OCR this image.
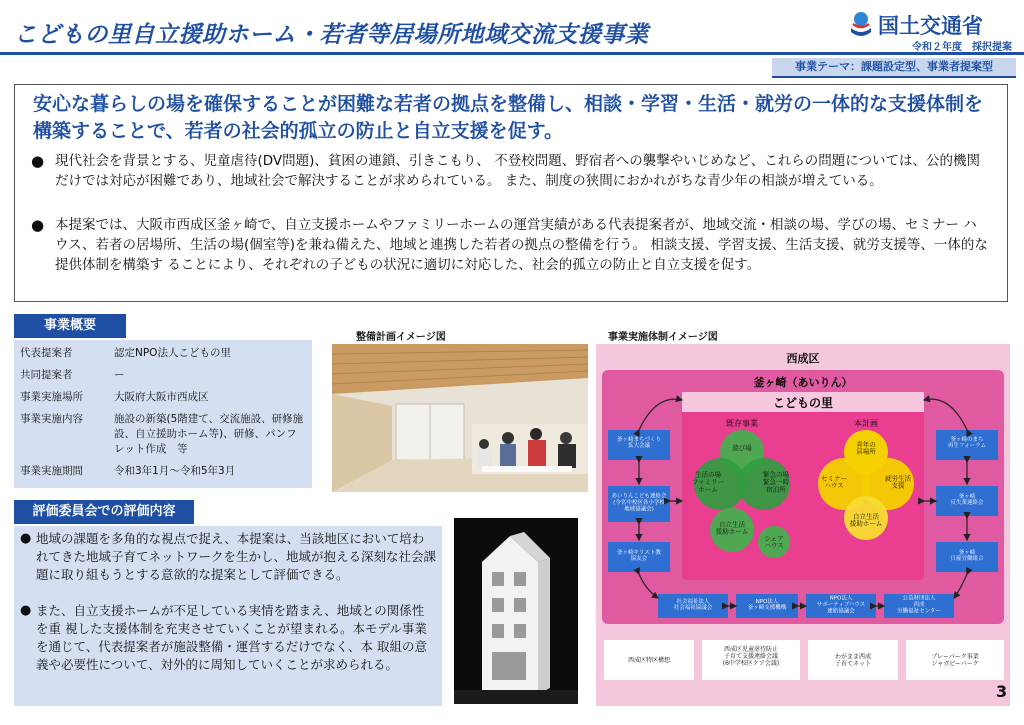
こどもの里自立援助ホーム・若者等居場所地域交流支援事業	国土交通省
令和２年度　採択提案
事業テーマ：課題設定型、事業者提案型
安心な暮らしの場を確保することが困難な若者の拠点を整備し、相談・学習・生活・就労の一体的な支援体制を構築することで、若者の社会的孤立の防止と自立支援を促す。
● 現代社会を背景とする、児童虐待(DV問題)、貧困の連鎖、引きこもり、 不登校問題、野宿者への襲撃やいじめなど、これらの問題については、公的機関だけでは対応が困難であり、地域社会で解決することが求められている。 また、制度の狭間におかれがちな青少年の相談が増えている。
● 本提案では、大阪市西成区釜ヶ崎で、自立支援ホームやファミリーホームの運営実績がある代表提案者が、地域交流・相談の場、学びの場、セミナー ハウス、若者の居場所、生活の場(個室等)を兼ね備えた、地域と連携した若者の拠点の整備を行う。 相談支援、学習支援、生活支援、就労支援等、一体的な提供体制を構築す ることにより、それぞれの子どもの状況に適切に対応した、社会的孤立の防止と自立支援を促す。
事業概要
代表提案者	認定NPO法人こどもの里
共同提案者	ー
事業実施場所	大阪府大阪市西成区
事業実施内容	施設の新築(5階建て、交流施設、研修施設、自立援助ホーム等)、研修、パンフレット作成　等
事業実施期間	令和3年1月～令和5年3月
評価委員会での評価内容
● 地域の課題を多角的な視点で捉え、本提案は、当該地区において培われてきた地域子育てネットワークを生かし、地域が抱える深刻な社会課題に取り組もうとする意欲的な提案として評価できる。
● また、自立支援ホームが不足している実情を踏まえ、地域との関係性を重 視した支援体制を充実させていくことが望まれる。本モデル事業を通じて、代表提案者が施設整備・運営するだけでなく、本 取組の意義や必要性について、対外的に周知していくことが求められる。
整備計画イメージ図	事業実施体制イメージ図
西成区
釜ヶ崎（あいりん）
こどもの里
既存事業	本計画
遊び場
生活の場ファミリーホーム
緊急の場緊急一時宿泊所
自立生活援助ホーム
シェアハウス
青年の居場所
セミナーハウス
就労生活支援
自立生活援助ホーム
釜ヶ崎まちづくり拡大会議
あいりんこども連絡会(今宮中校区各小学校地域協議会)
釜ヶ崎キリスト教協友会
釜ヶ崎のまち再生フォーラム
釜ヶ崎反失業連絡会
釜ヶ崎日雇労働組合
社会福祉法人社会福祉協議会
NPO法人釜ヶ崎支援機構
NPO法人サポーティブハウス連絡協議会
公益財団法人西成労働福祉センター
西成区特区構想
西成区児童虐待防止子育て支援連絡会議(6中学校区ケア会議)
わがまま西成子育てネット
プレーパーク事業ジャガピーパーク
3
